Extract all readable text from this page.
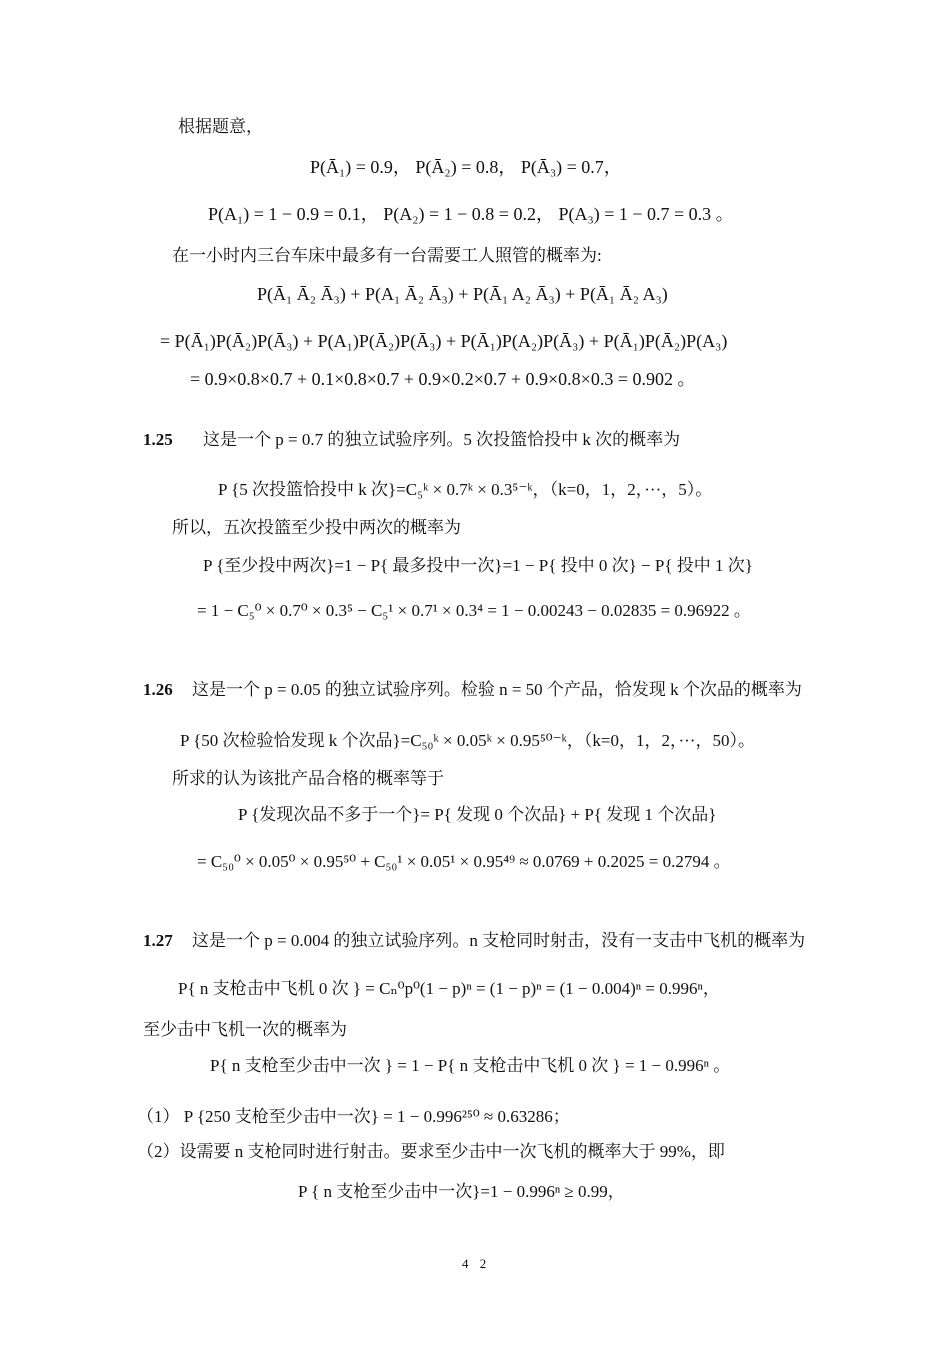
根据题意，
P(Ā₁) = 0.9， P(Ā₂) = 0.8， P(Ā₃) = 0.7，
P(A₁) = 1 − 0.9 = 0.1， P(A₂) = 1 − 0.8 = 0.2， P(A₃) = 1 − 0.7 = 0.3 。
在一小时内三台车床中最多有一台需要工人照管的概率为:
P(Ā₁ Ā₂ Ā₃) + P(A₁ Ā₂ Ā₃) + P(Ā₁ A₂ Ā₃) + P(Ā₁ Ā₂ A₃)
= P(Ā₁)P(Ā₂)P(Ā₃) + P(A₁)P(Ā₂)P(Ā₃) + P(Ā₁)P(A₂)P(Ā₃) + P(Ā₁)P(Ā₂)P(A₃)
= 0.9×0.8×0.7 + 0.1×0.8×0.7 + 0.9×0.2×0.7 + 0.9×0.8×0.3 = 0.902 。
1.25 这是一个 p = 0.7 的独立试验序列。5 次投篮恰投中 k 次的概率为
P {5 次投篮恰投中 k 次}=C₅ᵏ × 0.7ᵏ × 0.3⁵⁻ᵏ，（k=0，1，2，···，5）。
所以，五次投篮至少投中两次的概率为
P {至少投中两次}=1 − P{ 最多投中一次}=1 − P{ 投中 0 次} − P{ 投中 1 次}
= 1 − C₅⁰ × 0.7⁰ × 0.3⁵ − C₅¹ × 0.7¹ × 0.3⁴ = 1 − 0.00243 − 0.02835 = 0.96922 。
1.26 这是一个 p = 0.05 的独立试验序列。检验 n = 50 个产品，恰发现 k 个次品的概率为
P {50 次检验恰发现 k 个次品}=C₅₀ᵏ × 0.05ᵏ × 0.95⁵⁰⁻ᵏ，（k=0，1，2，···，50）。
所求的认为该批产品合格的概率等于
P {发现次品不多于一个}= P{ 发现 0 个次品} + P{ 发现 1 个次品}
= C₅₀⁰ × 0.05⁰ × 0.95⁵⁰ + C₅₀¹ × 0.05¹ × 0.95⁴⁹ ≈ 0.0769 + 0.2025 = 0.2794 。
1.27 这是一个 p = 0.004 的独立试验序列。n 支枪同时射击，没有一支击中飞机的概率为
P{ n 支枪击中飞机 0 次 } = Cₙ⁰p⁰(1 − p)ⁿ = (1 − p)ⁿ = (1 − 0.004)ⁿ = 0.996ⁿ，
至少击中飞机一次的概率为
P{ n 支枪至少击中一次 } = 1 − P{ n 支枪击中飞机 0 次 } = 1 − 0.996ⁿ 。
（1） P {250 支枪至少击中一次} = 1 − 0.996²⁵⁰ ≈ 0.63286；
（2）设需要 n 支枪同时进行射击。要求至少击中一次飞机的概率大于 99%，即
P { n 支枪至少击中一次}=1 − 0.996ⁿ ≥ 0.99，
4 2
